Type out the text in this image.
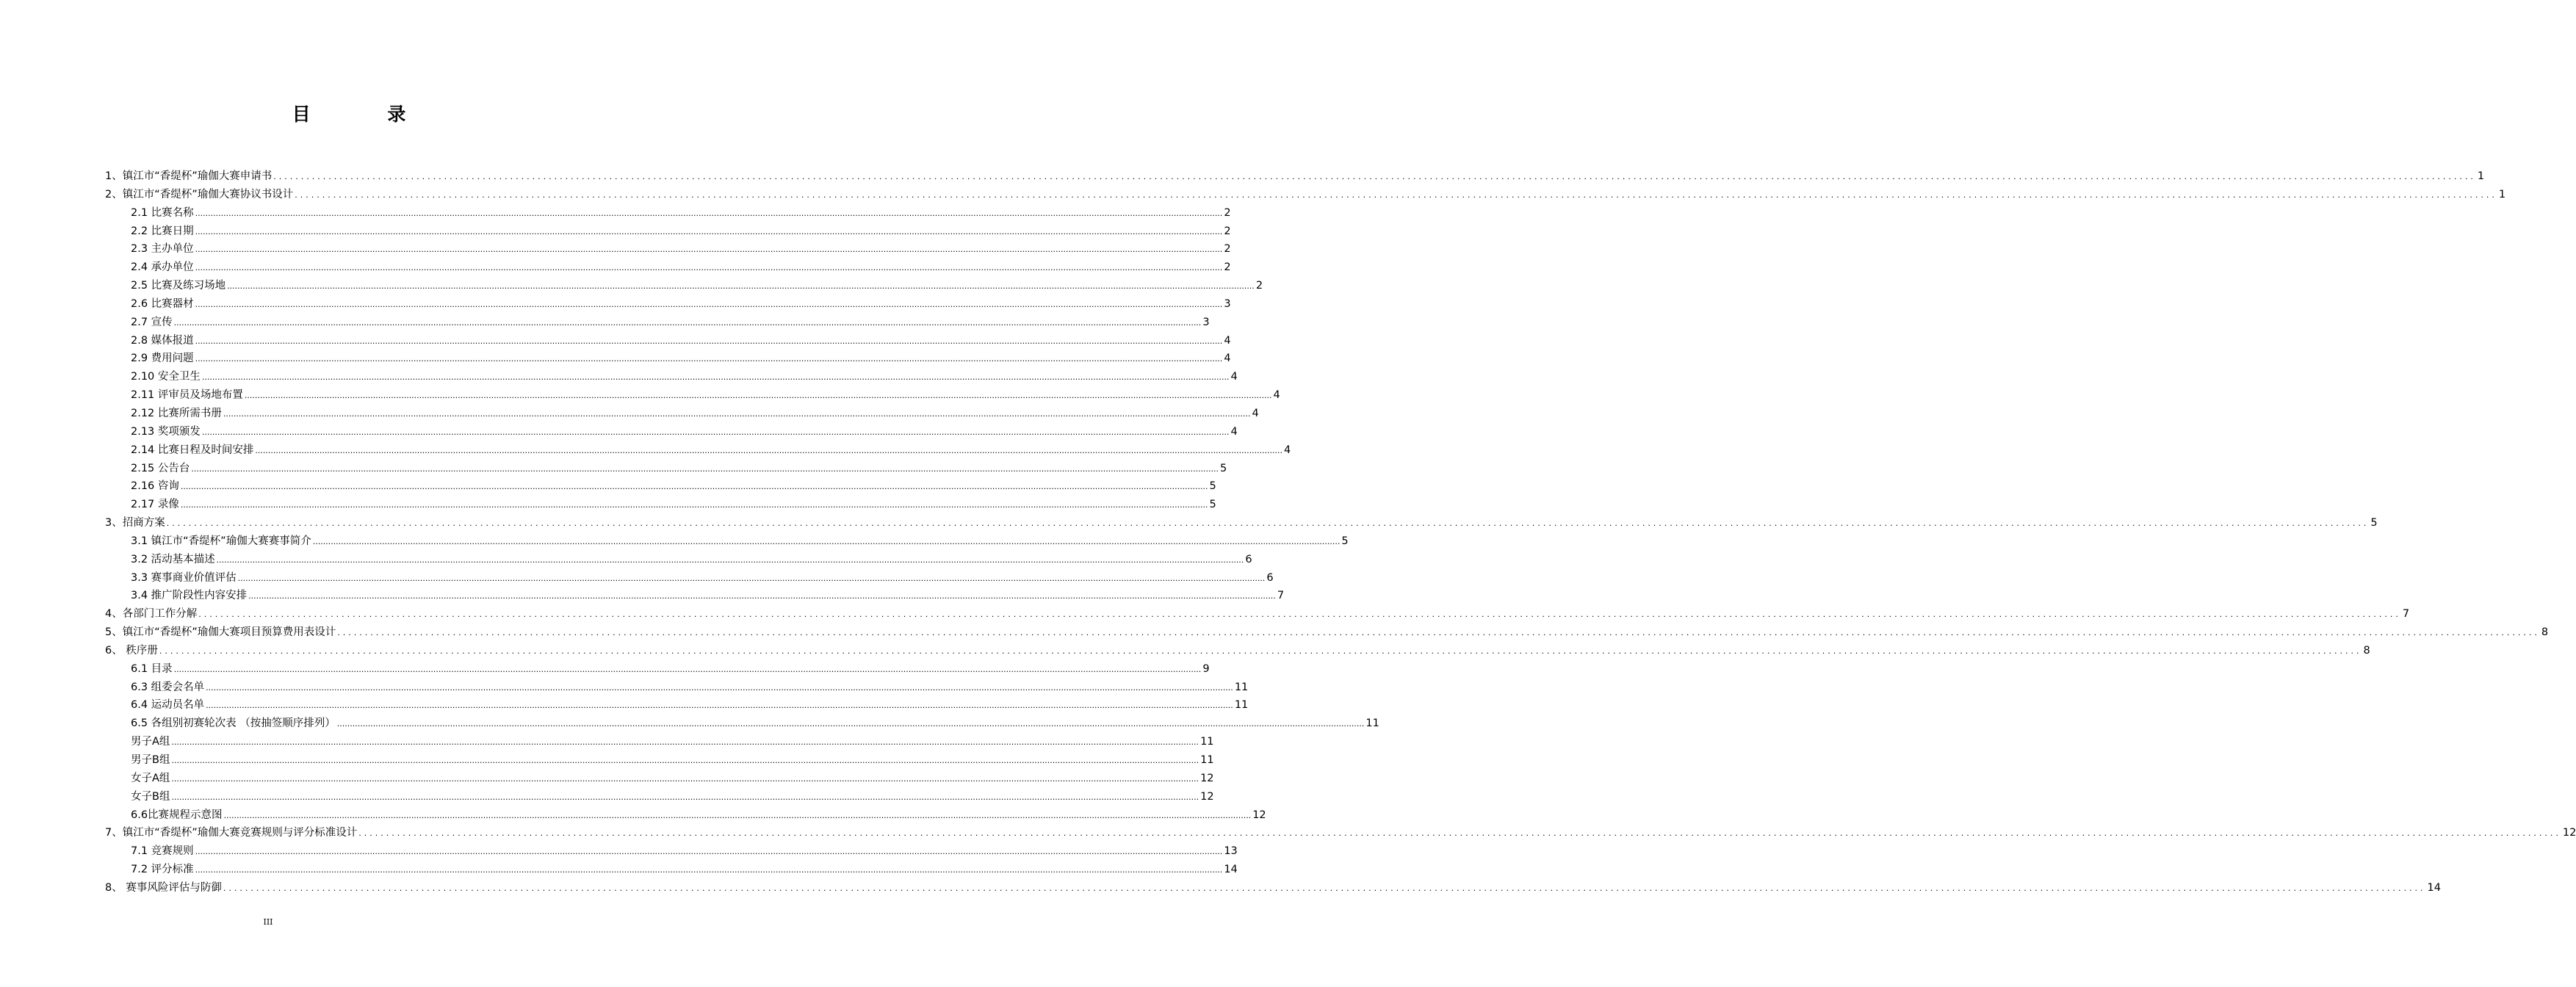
目 录
1、镇江市“香缇杯”瑜伽大赛申请书 ................................................................................................................................................................................................................................................................................................................................................................................................................ 1
2、镇江市“香缇杯”瑜伽大赛协议书设计 ................................................................................................................................................................................................................................................................................................................................................................................................................ 1
2.1 比赛名称 ................................................................................................................................................................................................................................................................................................................................................................................................................ 2
2.2 比赛日期 ................................................................................................................................................................................................................................................................................................................................................................................................................ 2
2.3 主办单位 ................................................................................................................................................................................................................................................................................................................................................................................................................ 2
2.4 承办单位 ................................................................................................................................................................................................................................................................................................................................................................................................................ 2
2.5 比赛及练习场地 ................................................................................................................................................................................................................................................................................................................................................................................................................ 2
2.6 比赛器材 ................................................................................................................................................................................................................................................................................................................................................................................................................ 3
2.7 宣传 ................................................................................................................................................................................................................................................................................................................................................................................................................ 3
2.8 媒体报道 ................................................................................................................................................................................................................................................................................................................................................................................................................ 4
2.9 费用问题 ................................................................................................................................................................................................................................................................................................................................................................................................................ 4
2.10 安全卫生 ................................................................................................................................................................................................................................................................................................................................................................................................................ 4
2.11 评审员及场地布置 ................................................................................................................................................................................................................................................................................................................................................................................................................ 4
2.12 比赛所需书册 ................................................................................................................................................................................................................................................................................................................................................................................................................ 4
2.13 奖项颁发 ................................................................................................................................................................................................................................................................................................................................................................................................................ 4
2.14 比赛日程及时间安排 ................................................................................................................................................................................................................................................................................................................................................................................................................ 4
2.15 公告台 ................................................................................................................................................................................................................................................................................................................................................................................................................ 5
2.16 咨询 ................................................................................................................................................................................................................................................................................................................................................................................................................ 5
2.17 录像 ................................................................................................................................................................................................................................................................................................................................................................................................................ 5
3、招商方案 ................................................................................................................................................................................................................................................................................................................................................................................................................ 5
3.1 镇江市“香缇杯”瑜伽大赛赛事简介 ................................................................................................................................................................................................................................................................................................................................................................................................................ 5
3.2 活动基本描述 ................................................................................................................................................................................................................................................................................................................................................................................................................ 6
3.3 赛事商业价值评估 ................................................................................................................................................................................................................................................................................................................................................................................................................ 6
3.4 推广阶段性内容安排 ................................................................................................................................................................................................................................................................................................................................................................................................................ 7
4、各部门工作分解 ................................................................................................................................................................................................................................................................................................................................................................................................................ 7
5、镇江市“香缇杯”瑜伽大赛项目预算费用表设计 ................................................................................................................................................................................................................................................................................................................................................................................................................ 8
6、 秩序册 ................................................................................................................................................................................................................................................................................................................................................................................................................ 8
6.1 目录 ................................................................................................................................................................................................................................................................................................................................................................................................................ 9
6.3 组委会名单 ................................................................................................................................................................................................................................................................................................................................................................................................................ 11
6.4 运动员名单 ................................................................................................................................................................................................................................................................................................................................................................................................................ 11
6.5 各组别初赛轮次表 （按抽签顺序排列） ................................................................................................................................................................................................................................................................................................................................................................................................................ 11
男子A组 ................................................................................................................................................................................................................................................................................................................................................................................................................ 11
男子B组 ................................................................................................................................................................................................................................................................................................................................................................................................................ 11
女子A组 ................................................................................................................................................................................................................................................................................................................................................................................................................ 12
女子B组 ................................................................................................................................................................................................................................................................................................................................................................................................................ 12
6.6比赛规程示意图 ................................................................................................................................................................................................................................................................................................................................................................................................................ 12
7、镇江市“香缇杯”瑜伽大赛竞赛规则与评分标准设计 ................................................................................................................................................................................................................................................................................................................................................................................................................ 12
7.1 竞赛规则 ................................................................................................................................................................................................................................................................................................................................................................................................................ 13
7.2 评分标准 ................................................................................................................................................................................................................................................................................................................................................................................................................ 14
8、 赛事风险评估与防御 ................................................................................................................................................................................................................................................................................................................................................................................................................ 14
III
